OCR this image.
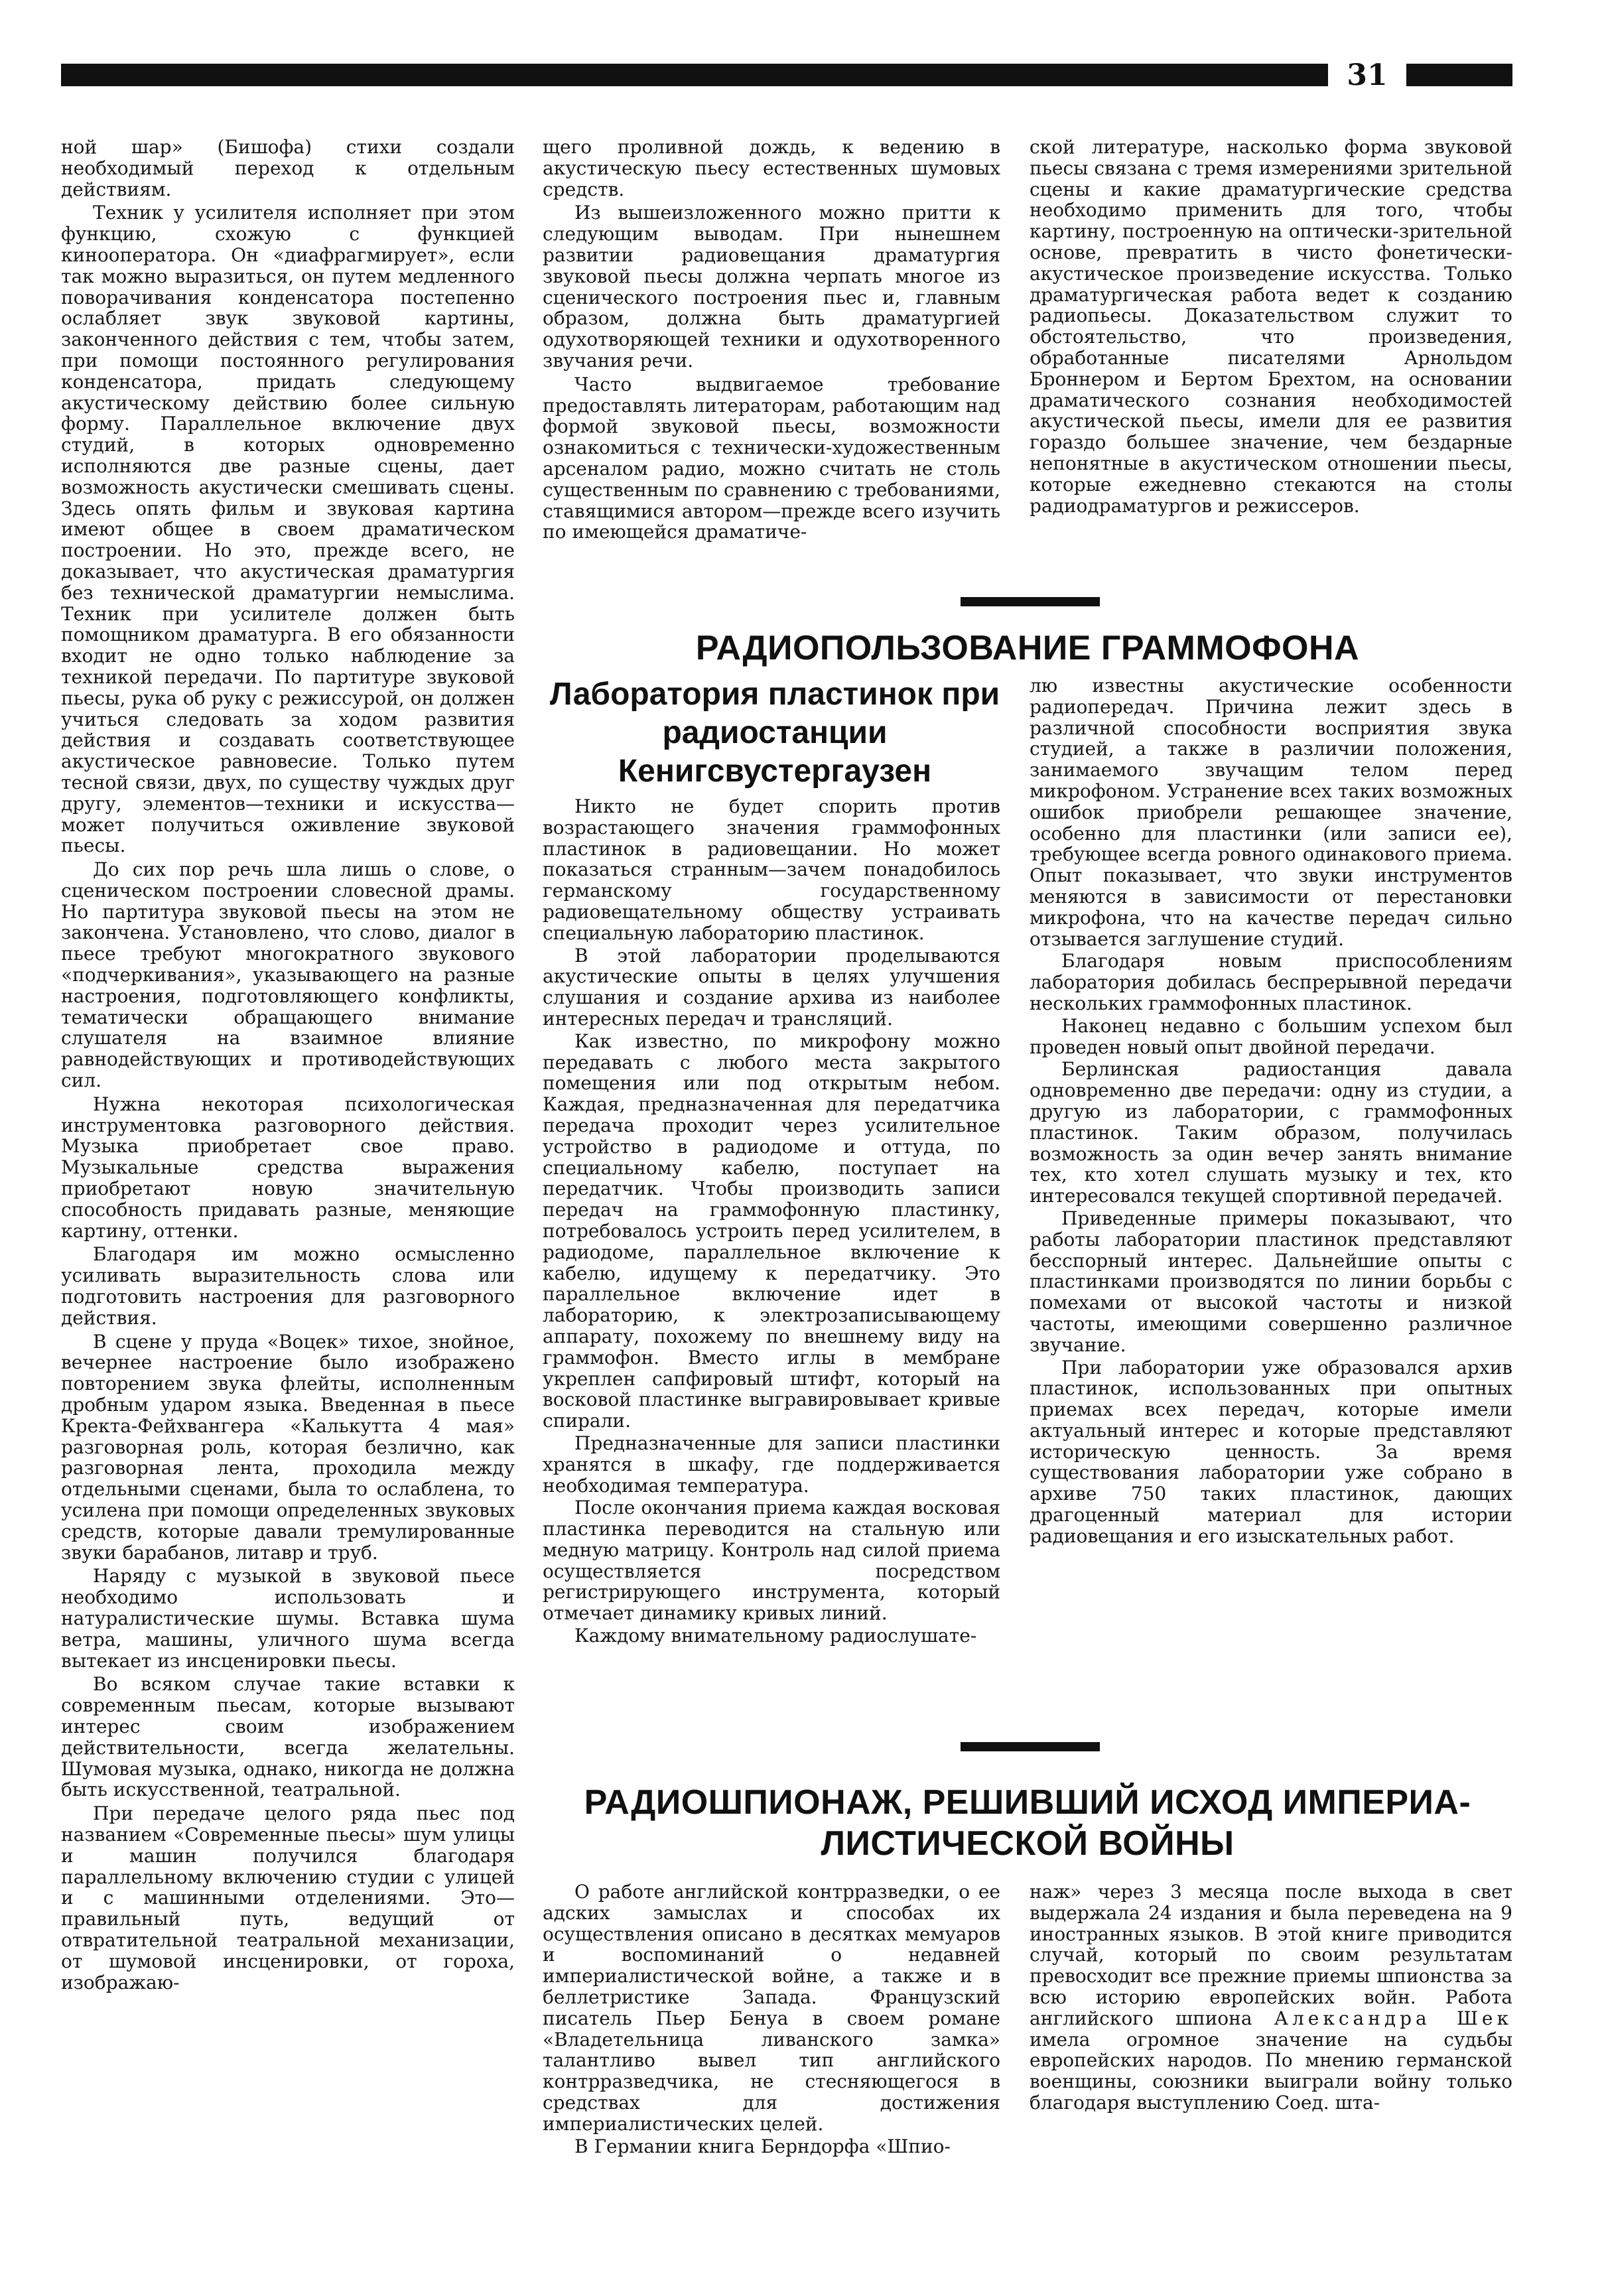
31

ной шар» (Бишофа) стихи создали необходимый переход к отдельным действиям.

Техник у усилителя исполняет при этом функцию, схожую с функцией кинооператора. Он «диафрагмирует», если так можно выразиться, он путем медленного поворачивания конденсатора постепенно ослабляет звук звуковой картины, законченного действия с тем, чтобы затем, при помощи постоянного регулирования конденсатора, придать следующему акустическому действию более сильную форму. Параллельное включение двух студий, в которых одновременно исполняются две разные сцены, дает возможность акустически смешивать сцены. Здесь опять фильм и звуковая картина имеют общее в своем драматическом построении. Но это, прежде всего, не доказывает, что акустическая драматургия без технической драматургии немыслима. Техник при усилителе должен быть помощником драматурга. В его обязанности входит не одно только наблюдение за техникой передачи. По партитуре звуковой пьесы, рука об руку с режиссурой, он должен учиться следовать за ходом развития действия и создавать соответствующее акустическое равновесие. Только путем тесной связи, двух, по существу чуждых друг другу, элементов—техники и искусства—может получиться оживление звуковой пьесы.

До сих пор речь шла лишь о слове, о сценическом построении словесной драмы. Но партитура звуковой пьесы на этом не закончена. Установлено, что слово, диалог в пьесе требуют многократного звукового «подчеркивания», указывающего на разные настроения, подготовляющего конфликты, тематически обращающего внимание слушателя на взаимное влияние равнодействующих и противодействующих сил.

Нужна некоторая психологическая инструментовка разговорного действия. Музыка приобретает свое право. Музыкальные средства выражения приобретают новую значительную способность придавать разные, меняющие картину, оттенки.

Благодаря им можно осмысленно усиливать выразительность слова или подготовить настроения для разговорного действия.

В сцене у пруда «Воцек» тихое, знойное, вечернее настроение было изображено повторением звука флейты, исполненным дробным ударом языка. Введенная в пьесе Кректа-Фейхвангера «Калькутта 4 мая» разговорная роль, которая безлично, как разговорная лента, проходила между отдельными сценами, была то ослаблена, то усилена при помощи определенных звуковых средств, которые давали тремулированные звуки барабанов, литавр и труб.

Наряду с музыкой в звуковой пьесе необходимо использовать и натуралистические шумы. Вставка шума ветра, машины, уличного шума всегда вытекает из инсценировки пьесы.

Во всяком случае такие вставки к современным пьесам, которые вызывают интерес своим изображением действительности, всегда желательны. Шумовая музыка, однако, никогда не должна быть искусственной, театральной.

При передаче целого ряда пьес под названием «Современные пьесы» шум улицы и машин получился благодаря параллельному включению студии с улицей и с машинными отделениями. Это—правильный путь, ведущий от отвратительной театральной механизации, от шумовой инсценировки, от гороха, изображаю-

щего проливной дождь, к ведению в акустическую пьесу естественных шумовых средств.

Из вышеизложенного можно притти к следующим выводам. При нынешнем развитии радиовещания драматургия звуковой пьесы должна черпать многое из сценического построения пьес и, главным образом, должна быть драматургией одухотворяющей техники и одухотворенного звучания речи.

Часто выдвигаемое требование предоставлять литераторам, работающим над формой звуковой пьесы, возможности ознакомиться с технически-художественным арсеналом радио, можно считать не столь существенным по сравнению с требованиями, ставящимися автором—прежде всего изучить по имеющейся драматиче-

ской литературе, насколько форма звуковой пьесы связана с тремя измерениями зрительной сцены и какие драматургические средства необходимо применить для того, чтобы картину, построенную на оптически-зрительной основе, превратить в чисто фонетически-акустическое произведение искусства. Только драматургическая работа ведет к созданию радиопьесы. Доказательством служит то обстоятельство, что произведения, обработанные писателями Арнольдом Броннером и Бертом Брехтом, на основании драматического сознания необходимостей акустической пьесы, имели для ее развития гораздо большее значение, чем бездарные непонятные в акустическом отношении пьесы, которые ежедневно стекаются на столы радиодраматургов и режиссеров.

РАДИОПОЛЬЗОВАНИЕ ГРАММОФОНА
Лаборатория пластинок при радиостанции Кенигсвустергаузен

Никто не будет спорить против возрастающего значения граммофонных пластинок в радиовещании. Но может показаться странным—зачем понадобилось германскому государственному радиовещательному обществу устраивать специальную лабораторию пластинок.

В этой лаборатории проделываются акустические опыты в целях улучшения слушания и создание архива из наиболее интересных передач и трансляций.

Как известно, по микрофону можно передавать с любого места закрытого помещения или под открытым небом. Каждая, предназначенная для передатчика передача проходит через усилительное устройство в радиодоме и оттуда, по специальному кабелю, поступает на передатчик. Чтобы производить записи передач на граммофонную пластинку, потребовалось устроить перед усилителем, в радиодоме, параллельное включение к кабелю, идущему к передатчику. Это параллельное включение идет в лабораторию, к электрозаписывающему аппарату, похожему по внешнему виду на граммофон. Вместо иглы в мембране укреплен сапфировый штифт, который на восковой пластинке выгравировывает кривые спирали.

Предназначенные для записи пластинки хранятся в шкафу, где поддерживается необходимая температура.

После окончания приема каждая восковая пластинка переводится на стальную или медную матрицу. Контроль над силой приема осуществляется посредством регистрирующего инструмента, который отмечает динамику кривых линий.

Каждому внимательному радиослушате-

лю известны акустические особенности радиопередач. Причина лежит здесь в различной способности восприятия звука студией, а также в различии положения, занимаемого звучащим телом перед микрофоном. Устранение всех таких возможных ошибок приобрели решающее значение, особенно для пластинки (или записи ее), требующее всегда ровного одинакового приема. Опыт показывает, что звуки инструментов меняются в зависимости от перестановки микрофона, что на качестве передач сильно отзывается заглушение студий.

Благодаря новым приспособлениям лаборатория добилась беспрерывной передачи нескольких граммофонных пластинок.

Наконец недавно с большим успехом был проведен новый опыт двойной передачи.

Берлинская радиостанция давала одновременно две передачи: одну из студии, а другую из лаборатории, с граммофонных пластинок. Таким образом, получилась возможность за один вечер занять внимание тех, кто хотел слушать музыку и тех, кто интересовался текущей спортивной передачей.

Приведенные примеры показывают, что работы лаборатории пластинок представляют бесспорный интерес. Дальнейшие опыты с пластинками производятся по линии борьбы с помехами от высокой частоты и низкой частоты, имеющими совершенно различное звучание.

При лаборатории уже образовался архив пластинок, использованных при опытных приемах всех передач, которые имели актуальный интерес и которые представляют историческую ценность. За время существования лаборатории уже собрано в архиве 750 таких пластинок, дающих драгоценный материал для истории радиовещания и его изыскательных работ.

РАДИОШПИОНАЖ, РЕШИВШИЙ ИСХОД ИМПЕРИА-
ЛИСТИЧЕСКОЙ ВОЙНЫ

О работе английской контрразведки, о ее адских замыслах и способах их осуществления описано в десятках мемуаров и воспоминаний о недавней империалистической войне, а также и в беллетристике Запада. Французский писатель Пьер Бенуа в своем романе «Владетельница ливанского замка» талантливо вывел тип английского контрразведчика, не стесняющегося в средствах для достижения империалистических целей.

В Германии книга Берндорфа «Шпио-

наж» через 3 месяца после выхода в свет выдержала 24 издания и была переведена на 9 иностранных языков. В этой книге приводится случай, который по своим результатам превосходит все прежние приемы шпионства за всю историю европейских войн. Работа английского шпиона Александра Шек имела огромное значение на судьбы европейских народов. По мнению германской военщины, союзники выиграли войну только благодаря выступлению Соед. шта-
